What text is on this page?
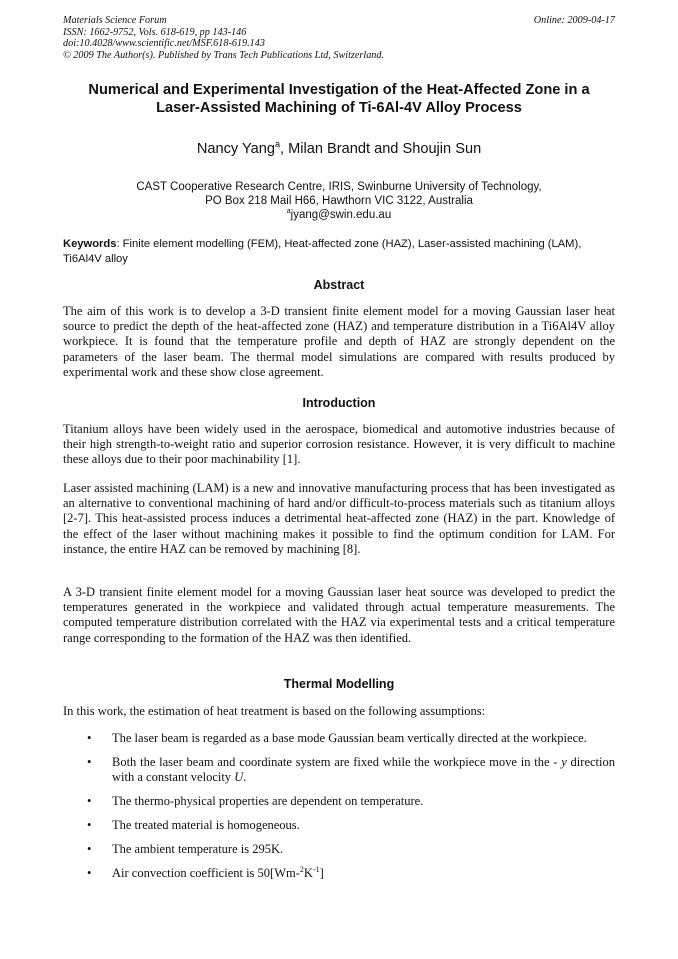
Materials Science Forum	Online: 2009-04-17
ISSN: 1662-9752, Vols. 618-619, pp 143-146
doi:10.4028/www.scientific.net/MSF.618-619.143
© 2009 The Author(s). Published by Trans Tech Publications Ltd, Switzerland.
Numerical and Experimental Investigation of the Heat-Affected Zone in a
Laser-Assisted Machining of Ti-6Al-4V Alloy Process
Nancy Yang$^a$, Milan Brandt and Shoujin Sun
CAST Cooperative Research Centre, IRIS, Swinburne University of Technology,
PO Box 218 Mail H66, Hawthorn VIC 3122, Australia
$^a$jyang@swin.edu.au
Keywords: Finite element modelling (FEM), Heat-affected zone (HAZ), Laser-assisted machining (LAM), Ti6Al4V alloy
Abstract
The aim of this work is to develop a 3-D transient finite element model for a moving Gaussian laser heat source to predict the depth of the heat-affected zone (HAZ) and temperature distribution in a Ti6Al4V alloy workpiece. It is found that the temperature profile and depth of HAZ are strongly dependent on the parameters of the laser beam. The thermal model simulations are compared with results produced by experimental work and these show close agreement.
Introduction
Titanium alloys have been widely used in the aerospace, biomedical and automotive industries because of their high strength-to-weight ratio and superior corrosion resistance. However, it is very difficult to machine these alloys due to their poor machinability [1].
Laser assisted machining (LAM) is a new and innovative manufacturing process that has been investigated as an alternative to conventional machining of hard and/or difficult-to-process materials such as titanium alloys [2-7]. This heat-assisted process induces a detrimental heat-affected zone (HAZ) in the part. Knowledge of the effect of the laser without machining makes it possible to find the optimum condition for LAM. For instance, the entire HAZ can be removed by machining [8].
A 3-D transient finite element model for a moving Gaussian laser heat source was developed to predict the temperatures generated in the workpiece and validated through actual temperature measurements. The computed temperature distribution correlated with the HAZ via experimental tests and a critical temperature range corresponding to the formation of the HAZ was then identified.
Thermal Modelling
In this work, the estimation of heat treatment is based on the following assumptions:
• The laser beam is regarded as a base mode Gaussian beam vertically directed at the workpiece.
• Both the laser beam and coordinate system are fixed while the workpiece move in the - y direction with a constant velocity U.
• The thermo-physical properties are dependent on temperature.
• The treated material is homogeneous.
• The ambient temperature is 295K.
• Air convection coefficient is $50[Wm-^2K^{-1}]$
